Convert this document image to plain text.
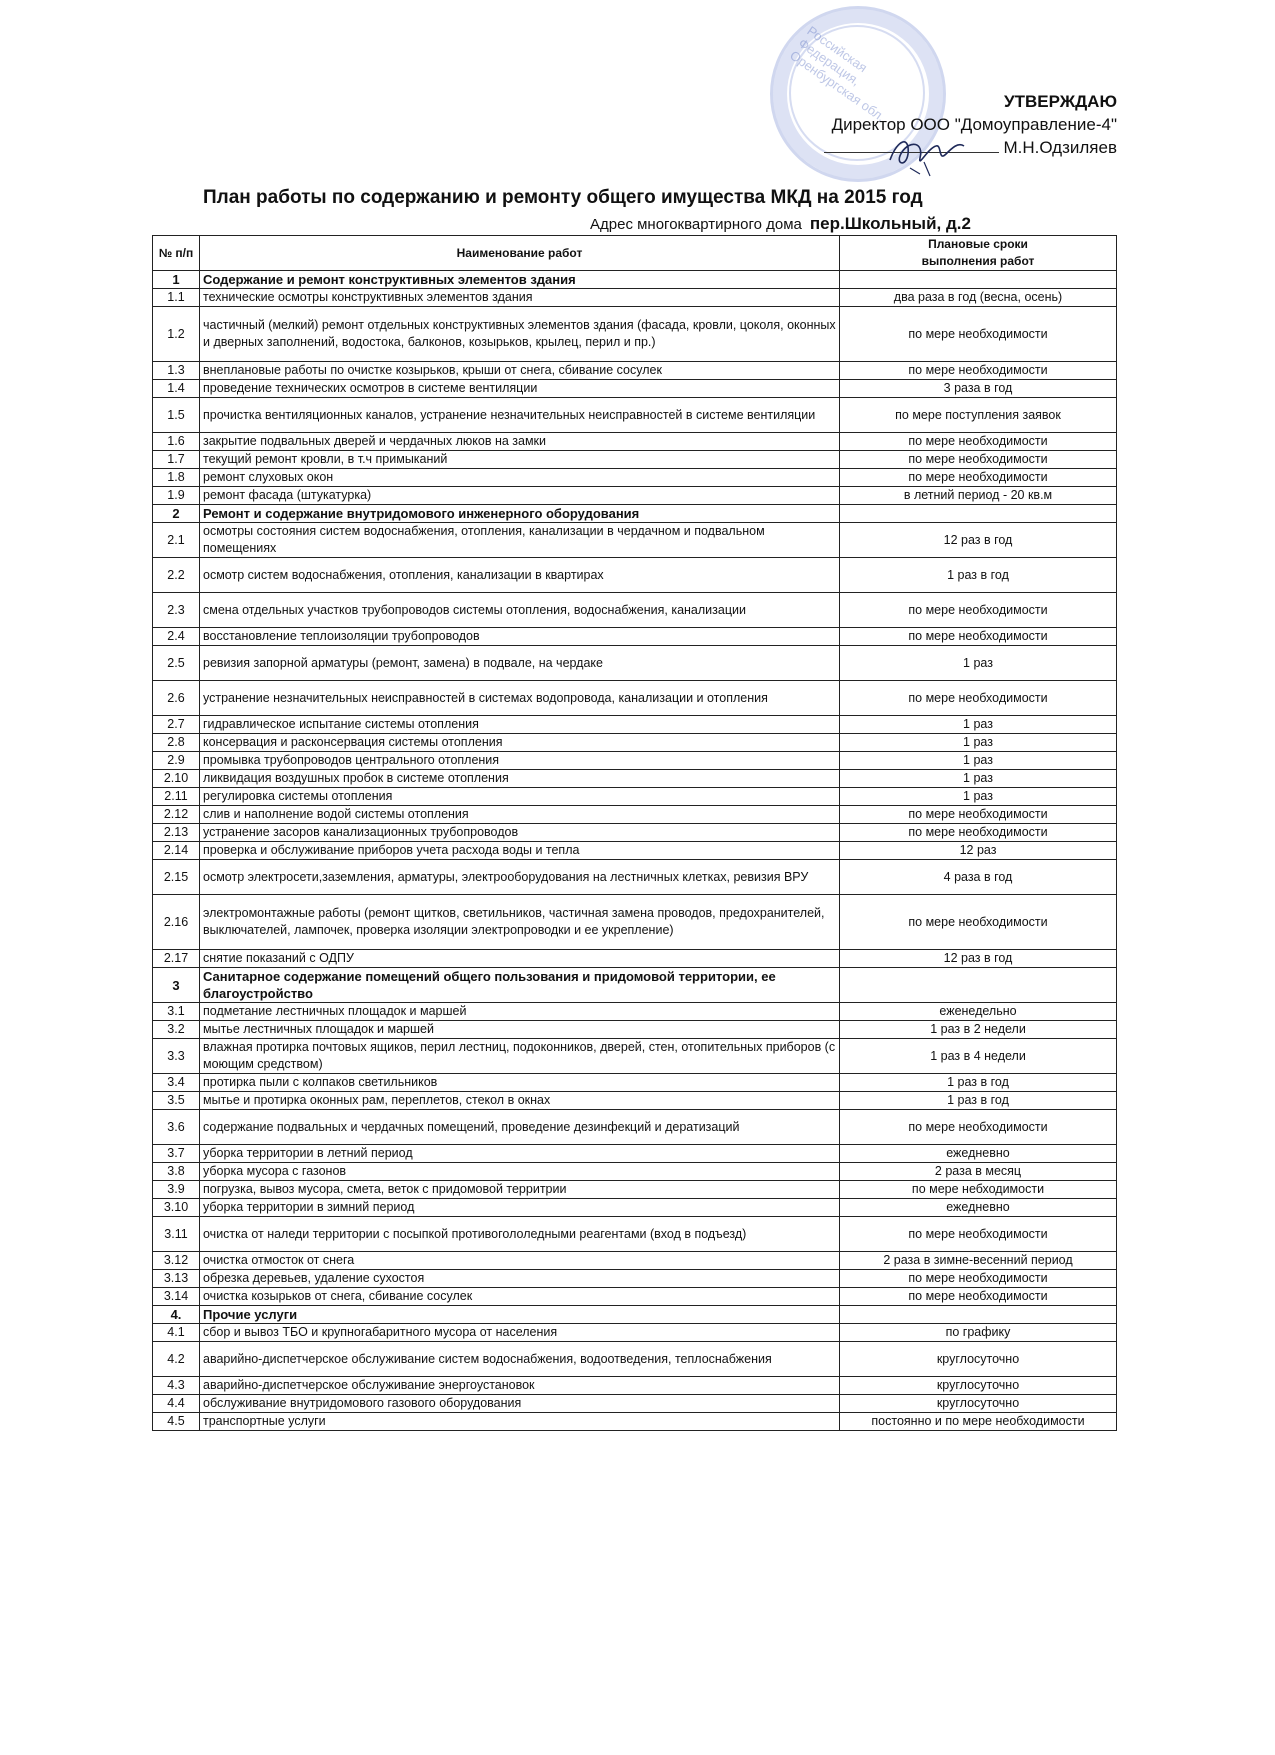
Российская Федерация, Оренбургская обл.	УТВЕРЖДАЮ
Директор ООО "Домоуправление-4"
М.Н.Одзиляев
План работы по содержанию и ремонту общего имущества МКД на 2015 год
Адрес многоквартирного дома пер.Школьный, д.2
№ п/п	Наименование работ	Плановые сроки
выполнения работ

1	Содержание и ремонт конструктивных элементов здания	
1.1	технические осмотры конструктивных элементов здания	два раза в год (весна, осень)
1.2	частичный (мелкий) ремонт отдельных конструктивных элементов здания (фасада, кровли, цоколя, оконных и дверных заполнений, водостока, балконов, козырьков, крылец, перил и пр.)	по мере необходимости
1.3	внеплановые работы по очистке козырьков, крыши от снега, сбивание сосулек	по мере необходимости
1.4	проведение технических осмотров в системе вентиляции	3 раза в год
1.5	прочистка вентиляционных каналов, устранение незначительных неисправностей в системе вентиляции	по мере поступления заявок
1.6	закрытие подвальных дверей и чердачных люков на замки	по мере необходимости
1.7	текущий ремонт кровли, в т.ч примыканий	по мере необходимости
1.8	ремонт слуховых окон	по мере необходимости
1.9	ремонт фасада (штукатурка)	в летний период - 20 кв.м
2	Ремонт и содержание внутридомового инженерного оборудования	
2.1	осмотры состояния систем водоснабжения, отопления, канализации в чердачном и подвальном помещениях	12 раз в год
2.2	осмотр систем водоснабжения, отопления, канализации в квартирах	1 раз в год
2.3	смена отдельных участков трубопроводов системы отопления, водоснабжения, канализации	по мере необходимости
2.4	восстановление теплоизоляции трубопроводов	по мере необходимости
2.5	ревизия запорной арматуры (ремонт, замена) в подвале, на чердаке	1 раз
2.6	устранение незначительных неисправностей в системах водопровода, канализации и отопления	по мере необходимости
2.7	гидравлическое испытание системы отопления	1 раз
2.8	консервация и расконсервация системы отопления	1 раз
2.9	промывка трубопроводов центрального отопления	1 раз
2.10	ликвидация воздушных пробок в системе отопления	1 раз
2.11	регулировка системы отопления	1 раз
2.12	слив и наполнение водой системы отопления	по мере необходимости
2.13	устранение засоров канализационных трубопроводов	по мере необходимости
2.14	проверка и обслуживание приборов учета расхода воды и тепла	12 раз
2.15	осмотр электросети,заземления, арматуры, электрооборудования на лестничных клетках, ревизия ВРУ	4 раза в год
2.16	электромонтажные работы (ремонт щитков, светильников, частичная замена проводов, предохранителей, выключателей, лампочек, проверка изоляции электропроводки и ее укрепление)	по мере необходимости
2.17	снятие показаний с ОДПУ	12 раз в год
3	Санитарное содержание помещений общего пользования и придомовой территории, ее благоустройство	
3.1	подметание лестничных площадок и маршей	еженедельно
3.2	мытье лестничных площадок и маршей	1 раз в 2 недели
3.3	влажная протирка почтовых ящиков, перил лестниц, подоконников, дверей, стен, отопительных приборов (с моющим средством)	1 раз в 4 недели
3.4	протирка пыли с колпаков светильников	1 раз в год
3.5	мытье и протирка оконных рам, переплетов, стекол в окнах	1 раз в год
3.6	содержание подвальных и чердачных помещений, проведение дезинфекций и дератизаций	по мере необходимости
3.7	уборка территории в летний период	ежедневно
3.8	уборка мусора с газонов	2 раза в месяц
3.9	погрузка, вывоз мусора, смета, веток с придомовой территрии	по мере небходимости
3.10	уборка территории в зимний период	ежедневно
3.11	очистка от наледи территории с посыпкой противогололедными реагентами (вход в подъезд)	по мере необходимости
3.12	очистка отмосток от снега	2 раза в зимне-весенний период
3.13	обрезка деревьев, удаление сухостоя	по мере необходимости
3.14	очистка козырьков от снега, сбивание сосулек	по мере необходимости
4.	Прочие услуги	
4.1	сбор и вывоз ТБО и крупногабаритного мусора от населения	по графику
4.2	аварийно-диспетчерское обслуживание систем водоснабжения, водоотведения, теплоснабжения	круглосуточно
4.3	аварийно-диспетчерское обслуживание энергоустановок	круглосуточно
4.4	обслуживание внутридомового газового оборудования	круглосуточно
4.5	транспортные услуги	постоянно и по мере необходимости
